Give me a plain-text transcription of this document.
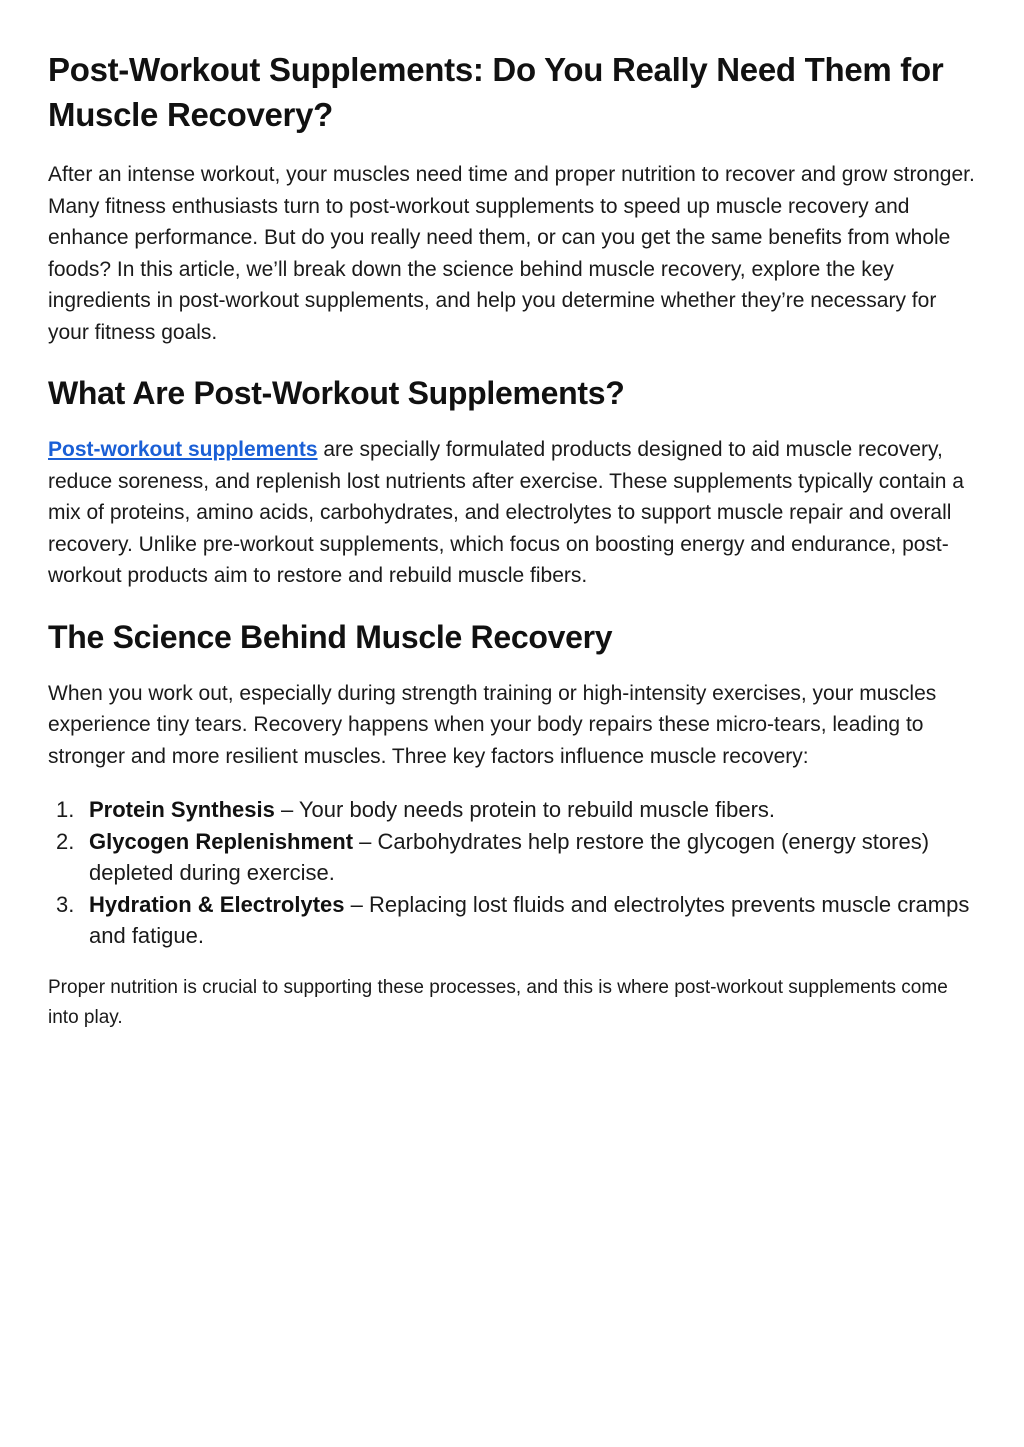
Post-Workout Supplements: Do You Really Need Them for Muscle Recovery?

After an intense workout, your muscles need time and proper nutrition to recover and grow stronger. Many fitness enthusiasts turn to post-workout supplements to speed up muscle recovery and enhance performance. But do you really need them, or can you get the same benefits from whole foods? In this article, we’ll break down the science behind muscle recovery, explore the key ingredients in post-workout supplements, and help you determine whether they’re necessary for your fitness goals.

What Are Post-Workout Supplements?

Post-workout supplements are specially formulated products designed to aid muscle recovery, reduce soreness, and replenish lost nutrients after exercise. These supplements typically contain a mix of proteins, amino acids, carbohydrates, and electrolytes to support muscle repair and overall recovery. Unlike pre-workout supplements, which focus on boosting energy and endurance, post-workout products aim to restore and rebuild muscle fibers.

The Science Behind Muscle Recovery

When you work out, especially during strength training or high-intensity exercises, your muscles experience tiny tears. Recovery happens when your body repairs these micro-tears, leading to stronger and more resilient muscles. Three key factors influence muscle recovery:

1. Protein Synthesis – Your body needs protein to rebuild muscle fibers.
2. Glycogen Replenishment – Carbohydrates help restore the glycogen (energy stores) depleted during exercise.
3. Hydration & Electrolytes – Replacing lost fluids and electrolytes prevents muscle cramps and fatigue.

Proper nutrition is crucial to supporting these processes, and this is where post-workout supplements come into play.
